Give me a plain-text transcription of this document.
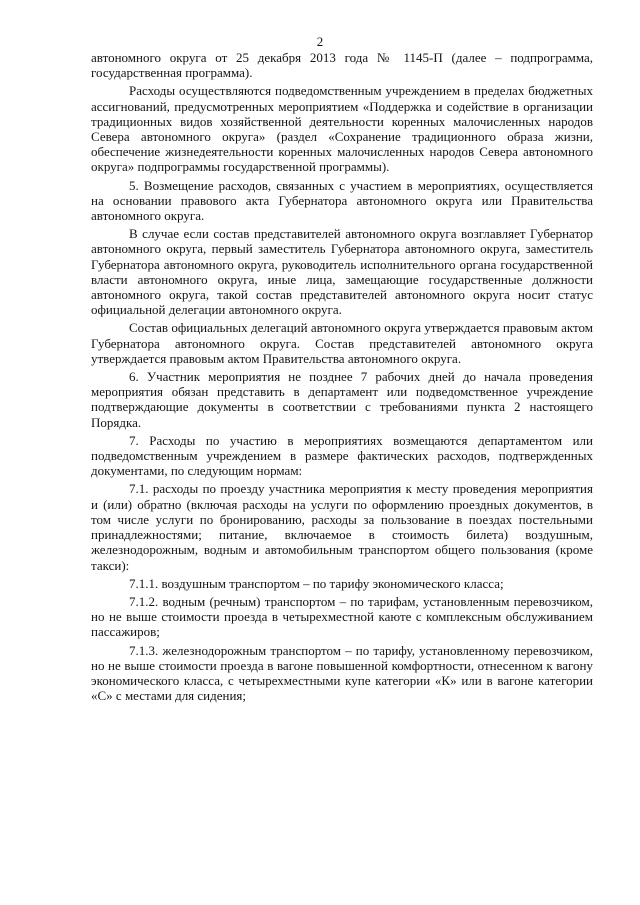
2

автономного округа от 25 декабря 2013 года № 1145-П (далее – подпрограмма, государственная программа).

Расходы осуществляются подведомственным учреждением в пределах бюджетных ассигнований, предусмотренных мероприятием «Поддержка и содействие в организации традиционных видов хозяйственной деятельности коренных малочисленных народов Севера автономного округа» (раздел «Сохранение традиционного образа жизни, обеспечение жизнедеятельности коренных малочисленных народов Севера автономного округа» подпрограммы государственной программы).

5. Возмещение расходов, связанных с участием в мероприятиях, осуществляется на основании правового акта Губернатора автономного округа или Правительства автономного округа.

В случае если состав представителей автономного округа возглавляет Губернатор автономного округа, первый заместитель Губернатора автономного округа, заместитель Губернатора автономного округа, руководитель исполнительного органа государственной власти автономного округа, иные лица, замещающие государственные должности автономного округа, такой состав представителей автономного округа носит статус официальной делегации автономного округа.

Состав официальных делегаций автономного округа утверждается правовым актом Губернатора автономного округа. Состав представителей автономного округа утверждается правовым актом Правительства автономного округа.

6. Участник мероприятия не позднее 7 рабочих дней до начала проведения мероприятия обязан представить в департамент или подведомственное учреждение подтверждающие документы в соответствии с требованиями пункта 2 настоящего Порядка.

7. Расходы по участию в мероприятиях возмещаются департаментом или подведомственным учреждением в размере фактических расходов, подтвержденных документами, по следующим нормам:

7.1. расходы по проезду участника мероприятия к месту проведения мероприятия и (или) обратно (включая расходы на услуги по оформлению проездных документов, в том числе услуги по бронированию, расходы за пользование в поездах постельными принадлежностями; питание, включаемое в стоимость билета) воздушным, железнодорожным, водным и автомобильным транспортом общего пользования (кроме такси):

7.1.1. воздушным транспортом – по тарифу экономического класса;

7.1.2. водным (речным) транспортом – по тарифам, установленным перевозчиком, но не выше стоимости проезда в четырехместной каюте с комплексным обслуживанием пассажиров;

7.1.3. железнодорожным транспортом – по тарифу, установленному перевозчиком, но не выше стоимости проезда в вагоне повышенной комфортности, отнесенном к вагону экономического класса, с четырехместными купе категории «К» или в вагоне категории «С» с местами для сидения;
